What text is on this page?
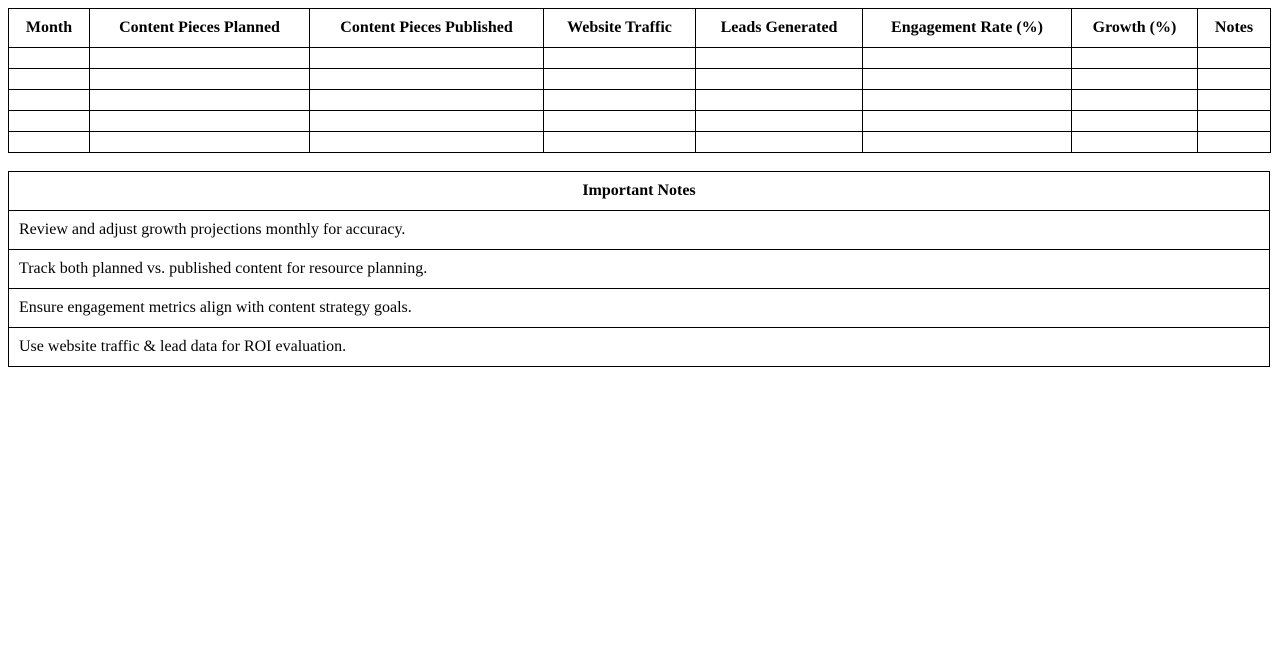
Month	Content Pieces Planned	Content Pieces Published	Website Traffic	Leads Generated	Engagement Rate (%)	Growth (%)	Notes

Important Notes
Review and adjust growth projections monthly for accuracy.
Track both planned vs. published content for resource planning.
Ensure engagement metrics align with content strategy goals.
Use website traffic & lead data for ROI evaluation.
